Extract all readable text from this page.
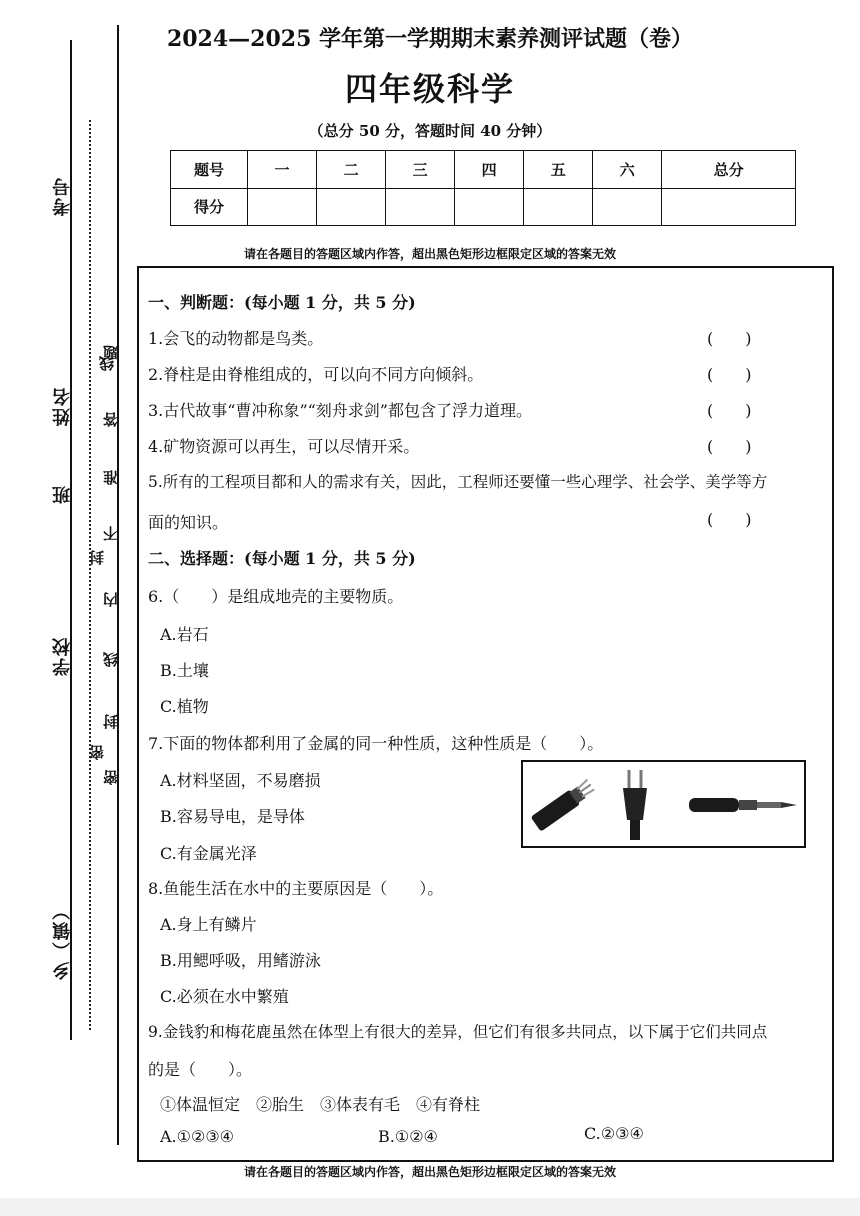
考号
姓名
班
学校
乡（镇）
线
题
答
准
不
封
内
线
封
密
密
2024—2025 学年第一学期期末素养测评试题（卷）
四年级科学
（总分 50 分，答题时间 40 分钟）
题号	一	二	三	四	五	六	总分
得分							
请在各题目的答题区域内作答，超出黑色矩形边框限定区域的答案无效
一、判断题：(每小题 1 分，共 5 分)
1.会飞的动物都是鸟类。	(　　)
2.脊柱是由脊椎组成的，可以向不同方向倾斜。	(　　)
3.古代故事“曹冲称象”“刻舟求剑”都包含了浮力道理。	(　　)
4.矿物资源可以再生，可以尽情开采。	(　　)
5.所有的工程项目都和人的需求有关，因此，工程师还要懂一些心理学、社会学、美学等方
面的知识。	(　　)
二、选择题：(每小题 1 分，共 5 分)
6.（　　）是组成地壳的主要物质。
A.岩石
B.土壤
C.植物
7.下面的物体都利用了金属的同一种性质，这种性质是（　　）。
A.材料坚固，不易磨损
B.容易导电，是导体
C.有金属光泽
8.鱼能生活在水中的主要原因是（　　）。
A.身上有鳞片
B.用鳃呼吸，用鳍游泳
C.必须在水中繁殖
9.金钱豹和梅花鹿虽然在体型上有很大的差异，但它们有很多共同点，以下属于它们共同点
的是（　　）。
①体温恒定　②胎生　③体表有毛　④有脊柱
A.①②③④	B.①②④	C.②③④
请在各题目的答题区域内作答，超出黑色矩形边框限定区域的答案无效
